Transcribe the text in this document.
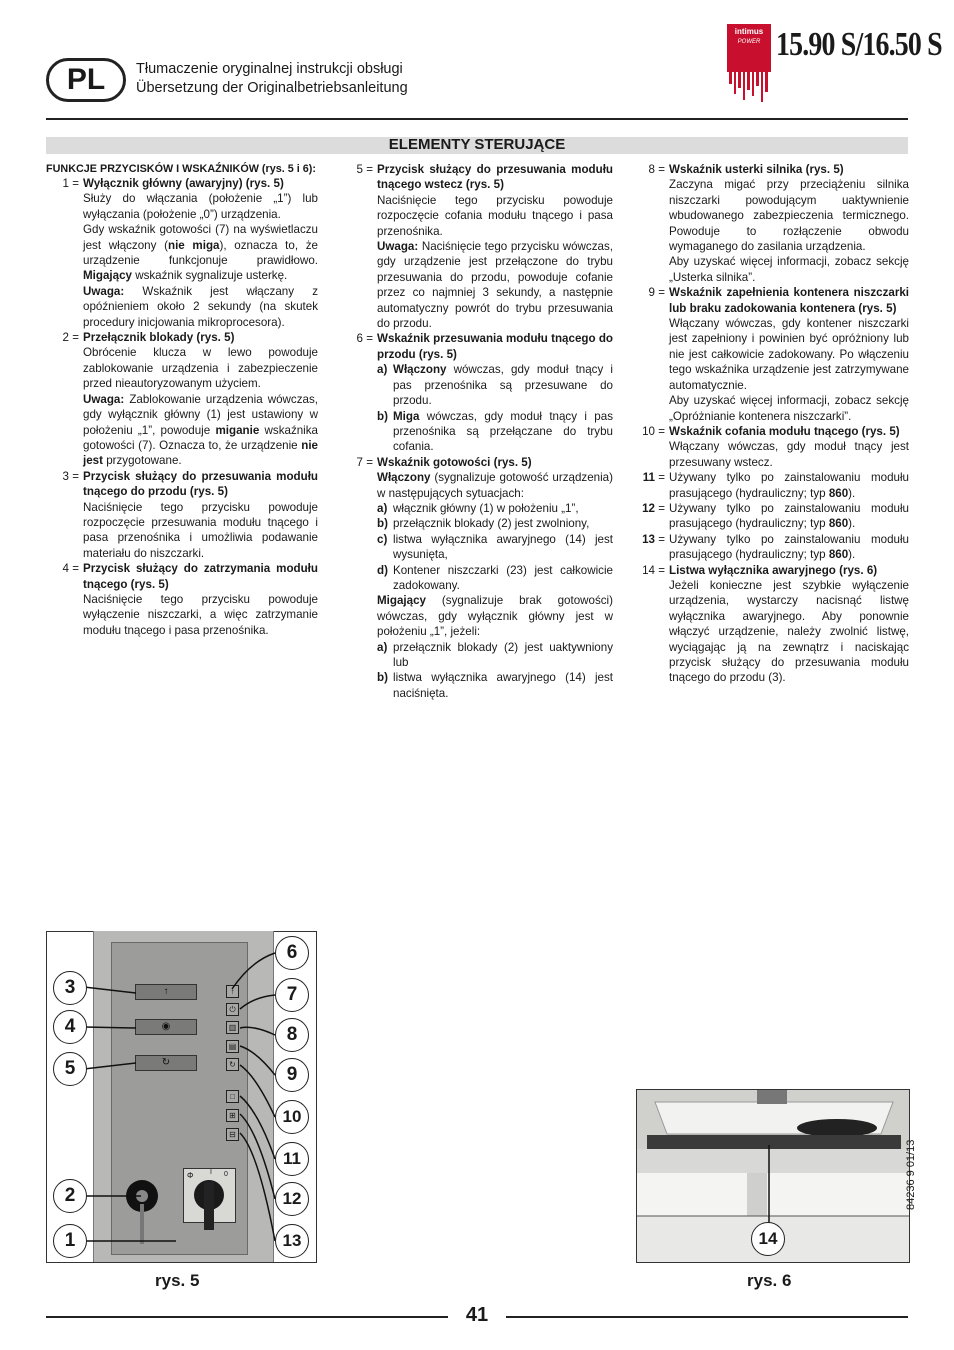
PL	Tłumaczenie oryginalnej instrukcji obsługi
Übersetzung der Originalbetriebsanleitung
intimus
POWER 15.90 S/16.50 S
ELEMENTY STERUJĄCE

FUNKCJE PRZYCISKÓW I WSKAŹNIKÓW (rys. 5 i 6):

1 = Wyłącznik główny (awaryjny) (rys. 5)

Służy do włączania (położenie „1”) lub wyłączania (położenie „0”) urządzenia.

Gdy wskaźnik gotowości (7) na wyświetlaczu jest włączony (nie miga), oznacza to, że urządzenie funkcjonuje prawidłowo. Migający wskaźnik sygnalizuje usterkę.

Uwaga: Wskaźnik jest włączany z opóźnieniem około 2 sekundy (na skutek procedury inicjowania mikroprocesora).

2 = Przełącznik blokady (rys. 5)

Obrócenie klucza w lewo powoduje zablokowanie urządzenia i zabezpieczenie przed nieautoryzowanym użyciem.

Uwaga: Zablokowanie urządzenia wówczas, gdy wyłącznik główny (1) jest ustawiony w położeniu „1”, powoduje miganie wskaźnika gotowości (7). Oznacza to, że urządzenie nie jest przygotowane.

3 = Przycisk służący do przesuwania modułu tnącego do przodu (rys. 5)

Naciśnięcie tego przycisku powoduje rozpoczęcie przesuwania modułu tnącego i pasa przenośnika i umożliwia podawanie materiału do niszczarki.

4 = Przycisk służący do zatrzymania modułu tnącego (rys. 5)

Naciśnięcie tego przycisku powoduje wyłączenie niszczarki, a więc zatrzymanie modułu tnącego i pasa przenośnika.

5 = Przycisk służący do przesuwania modułu tnącego wstecz (rys. 5)

Naciśnięcie tego przycisku powoduje rozpoczęcie cofania modułu tnącego i pasa przenośnika.

Uwaga: Naciśnięcie tego przycisku wówczas, gdy urządzenie jest przełączone do trybu przesuwania do przodu, powoduje cofanie przez co najmniej 3 sekundy, a następnie automatyczny powrót do trybu przesuwania do przodu.

6 = Wskaźnik przesuwania modułu tnącego do przodu (rys. 5)

a) Włączony wówczas, gdy moduł tnący i pas przenośnika są przesuwane do przodu.
b) Miga wówczas, gdy moduł tnący i pas przenośnika są przełączane do trybu cofania.
7 = Wskaźnik gotowości (rys. 5)

Włączony (sygnalizuje gotowość urządzenia) w następujących sytuacjach:

a) włącznik główny (1) w położeniu „1”,
b) przełącznik blokady (2) jest zwolniony,
c) listwa wyłącznika awaryjnego (14) jest wysunięta,
d) Kontener niszczarki (23) jest całkowicie zadokowany.

Migający (sygnalizuje brak gotowości) wówczas, gdy wyłącznik główny jest w położeniu „1”, jeżeli:

a) przełącznik blokady (2) jest uaktywniony lub
b) listwa wyłącznika awaryjnego (14) jest naciśnięta.
8 = Wskaźnik usterki silnika (rys. 5)

Zaczyna migać przy przeciążeniu silnika niszczarki powodującym uaktywnienie wbudowanego zabezpieczenia termicznego. Powoduje to rozłączenie obwodu wymaganego do zasilania urządzenia.

Aby uzyskać więcej informacji, zobacz sekcję „Usterka silnika”.

9 = Wskaźnik zapełnienia kontenera niszczarki lub braku zadokowania kontenera (rys. 5)

Włączany wówczas, gdy kontener niszczarki jest zapełniony i powinien być opróżniony lub nie jest całkowicie zadokowany. Po włączeniu tego wskaźnika urządzenie jest zatrzymywane automatycznie.

Aby uzyskać więcej informacji, zobacz sekcję „Opróżnianie kontenera niszczarki”.

10 = Wskaźnik cofania modułu tnącego (rys. 5)

Włączany wówczas, gdy moduł tnący jest przesuwany wstecz.

11 = Używany tylko po zainstalowaniu modułu prasującego (hydrauliczny; typ 860).
12 = Używany tylko po zainstalowaniu modułu prasującego (hydrauliczny; typ 860).
13 = Używany tylko po zainstalowaniu modułu prasującego (hydrauliczny; typ 860).
14 = Listwa wyłącznika awaryjnego (rys. 6)

Jeżeli konieczne jest szybkie wyłączenie urządzenia, wystarczy nacisnąć listwę wyłącznika awaryjnego. Aby ponownie włączyć urządzenie, należy zwolnić listwę, wyciągając ją na zewnątrz i naciskając przycisk służący do przesuwania modułu tnącego do przodu (3).

↑
◉
↻
↑
⏻
▥
▤
↻
□
⊞
⊟
Φ I 0
3
4
5
2
1
6
7
8
9
10
11
12
13
rys. 5
14
rys. 6
84236 9 01/13
41
